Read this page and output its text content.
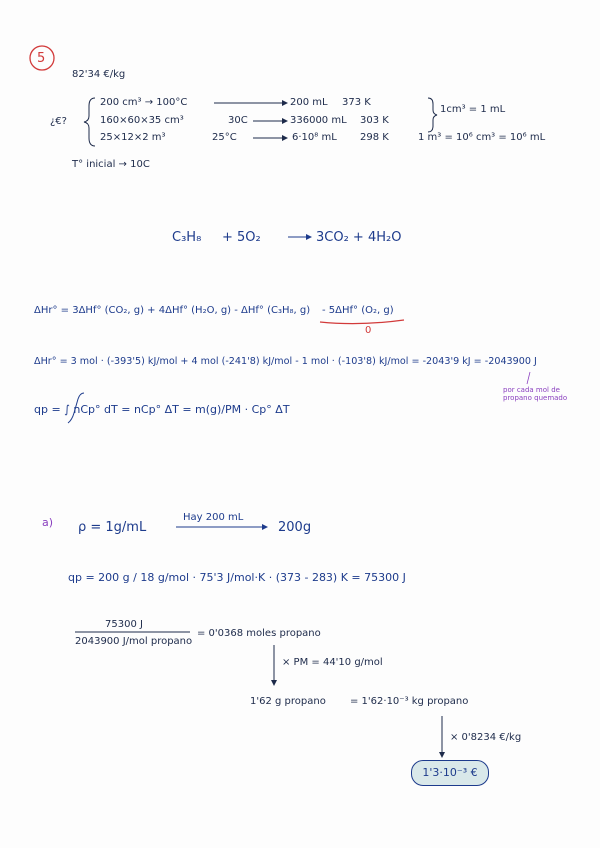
5
82'34 €/kg
¿€?
200 cm³ → 100°C	200 mL 373 K
160×60×35 cm³	30C	336000 mL 303 K
25×12×2 m³	25°C	6·10⁸ mL 298 K
1cm³ = 1 mL
1 m³ = 10⁶ cm³ = 10⁶ mL
T° inicial → 10C
C₃H₈ + 5O₂	3CO₂ + 4H₂O
ΔHr° = 3ΔHf° (CO₂, g) + 4ΔHf° (H₂O, g) - ΔHf° (C₃H₈, g) - 5ΔHf° (O₂, g)
0
ΔHr° = 3 mol · (-393'5) kJ/mol + 4 mol (-241'8) kJ/mol - 1 mol · (-103'8) kJ/mol = -2043'9 kJ = -2043900 J
por cada mol de propano quemado
qp = ∫ nCp° dT = nCp° ΔT = m(g)/PM · Cp° ΔT
a) ρ = 1g/mL
Hay 200 mL
200g
qp = 200 g / 18 g/mol · 75'3 J/mol·K · (373 - 283) K = 75300 J
75300 J
2043900 J/mol propano
= 0'0368 moles propano
× PM = 44'10 g/mol
1'62 g propano = 1'62·10⁻³ kg propano
× 0'8234 €/kg
1'3·10⁻³ €
